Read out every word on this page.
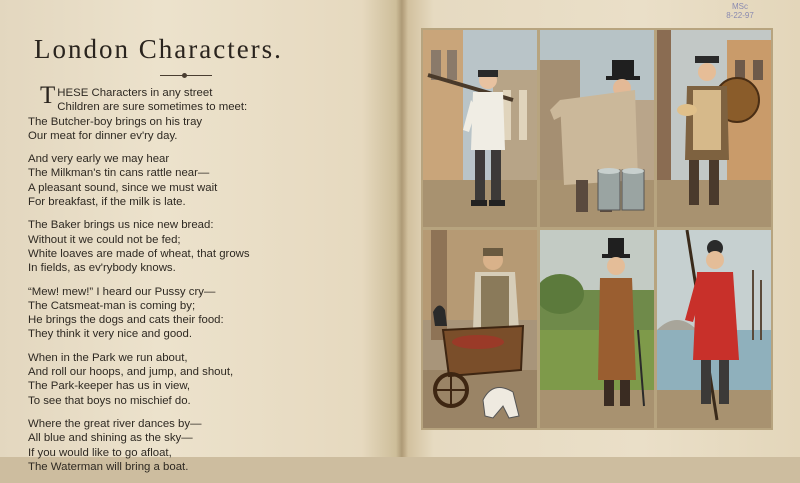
London Characters.
THESE Characters in any street
Children are sure sometimes to meet:
The Butcher-boy brings on his tray
Our meat for dinner ev'ry day.
And very early we may hear
The Milkman's tin cans rattle near—
A pleasant sound, since we must wait
For breakfast, if the milk is late.
The Baker brings us nice new bread:
Without it we could not be fed;
White loaves are made of wheat, that grows
In fields, as ev'rybody knows.
“Mew! mew!” I heard our Pussy cry—
The Catsmeat-man is coming by;
He brings the dogs and cats their food:
They think it very nice and good.
When in the Park we run about,
And roll our hoops, and jump, and shout,
The Park-keeper has us in view,
To see that boys no mischief do.
Where the great river dances by—
All blue and shining as the sky—
If you would like to go afloat,
The Waterman will bring a boat.
MSc
8-22-97
